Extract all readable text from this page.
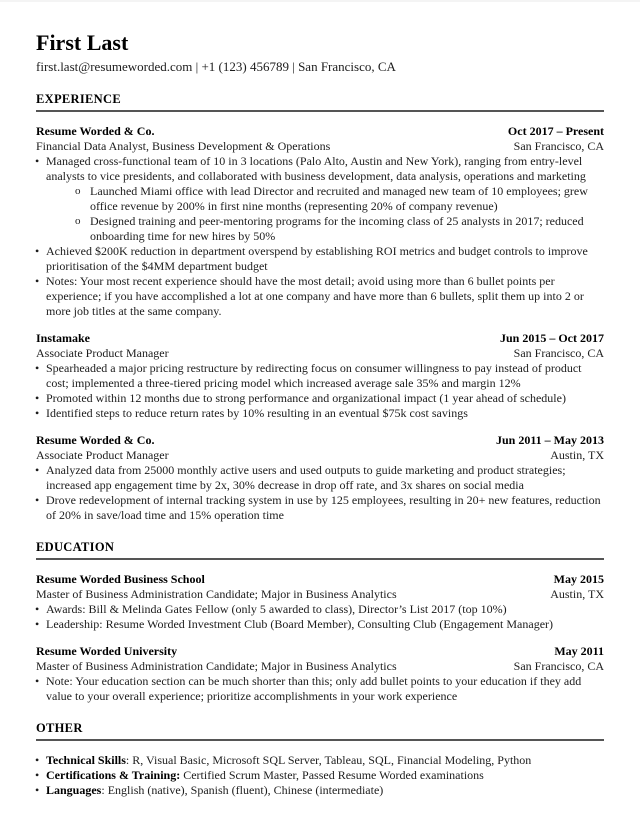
First Last
first.last@resumeworded.com | +1 (123) 456789 | San Francisco, CA
EXPERIENCE
Resume Worded & Co.	Oct 2017 – Present
Financial Data Analyst, Business Development & Operations	San Francisco, CA
• Managed cross-functional team of 10 in 3 locations (Palo Alto, Austin and New York), ranging from entry-level analysts to vice presidents, and collaborated with business development, data analysis, operations and marketing
o Launched Miami office with lead Director and recruited and managed new team of 10 employees; grew office revenue by 200% in first nine months (representing 20% of company revenue)
o Designed training and peer-mentoring programs for the incoming class of 25 analysts in 2017; reduced onboarding time for new hires by 50%
• Achieved $200K reduction in department overspend by establishing ROI metrics and budget controls to improve prioritisation of the $4MM department budget
• Notes: Your most recent experience should have the most detail; avoid using more than 6 bullet points per experience; if you have accomplished a lot at one company and have more than 6 bullets, split them up into 2 or more job titles at the same company.
Instamake	Jun 2015 – Oct 2017
Associate Product Manager	San Francisco, CA
• Spearheaded a major pricing restructure by redirecting focus on consumer willingness to pay instead of product cost; implemented a three-tiered pricing model which increased average sale 35% and margin 12%
• Promoted within 12 months due to strong performance and organizational impact (1 year ahead of schedule)
• Identified steps to reduce return rates by 10% resulting in an eventual $75k cost savings
Resume Worded & Co.	Jun 2011 – May 2013
Associate Product Manager	Austin, TX
• Analyzed data from 25000 monthly active users and used outputs to guide marketing and product strategies; increased app engagement time by 2x, 30% decrease in drop off rate, and 3x shares on social media
• Drove redevelopment of internal tracking system in use by 125 employees, resulting in 20+ new features, reduction of 20% in save/load time and 15% operation time
EDUCATION
Resume Worded Business School	May 2015
Master of Business Administration Candidate; Major in Business Analytics	Austin, TX
• Awards: Bill & Melinda Gates Fellow (only 5 awarded to class), Director’s List 2017 (top 10%)
• Leadership: Resume Worded Investment Club (Board Member), Consulting Club (Engagement Manager)
Resume Worded University	May 2011
Master of Business Administration Candidate; Major in Business Analytics	San Francisco, CA
• Note: Your education section can be much shorter than this; only add bullet points to your education if they add value to your overall experience; prioritize accomplishments in your work experience
OTHER
• Technical Skills: R, Visual Basic, Microsoft SQL Server, Tableau, SQL, Financial Modeling, Python
• Certifications & Training: Certified Scrum Master, Passed Resume Worded examinations
• Languages: English (native), Spanish (fluent), Chinese (intermediate)
